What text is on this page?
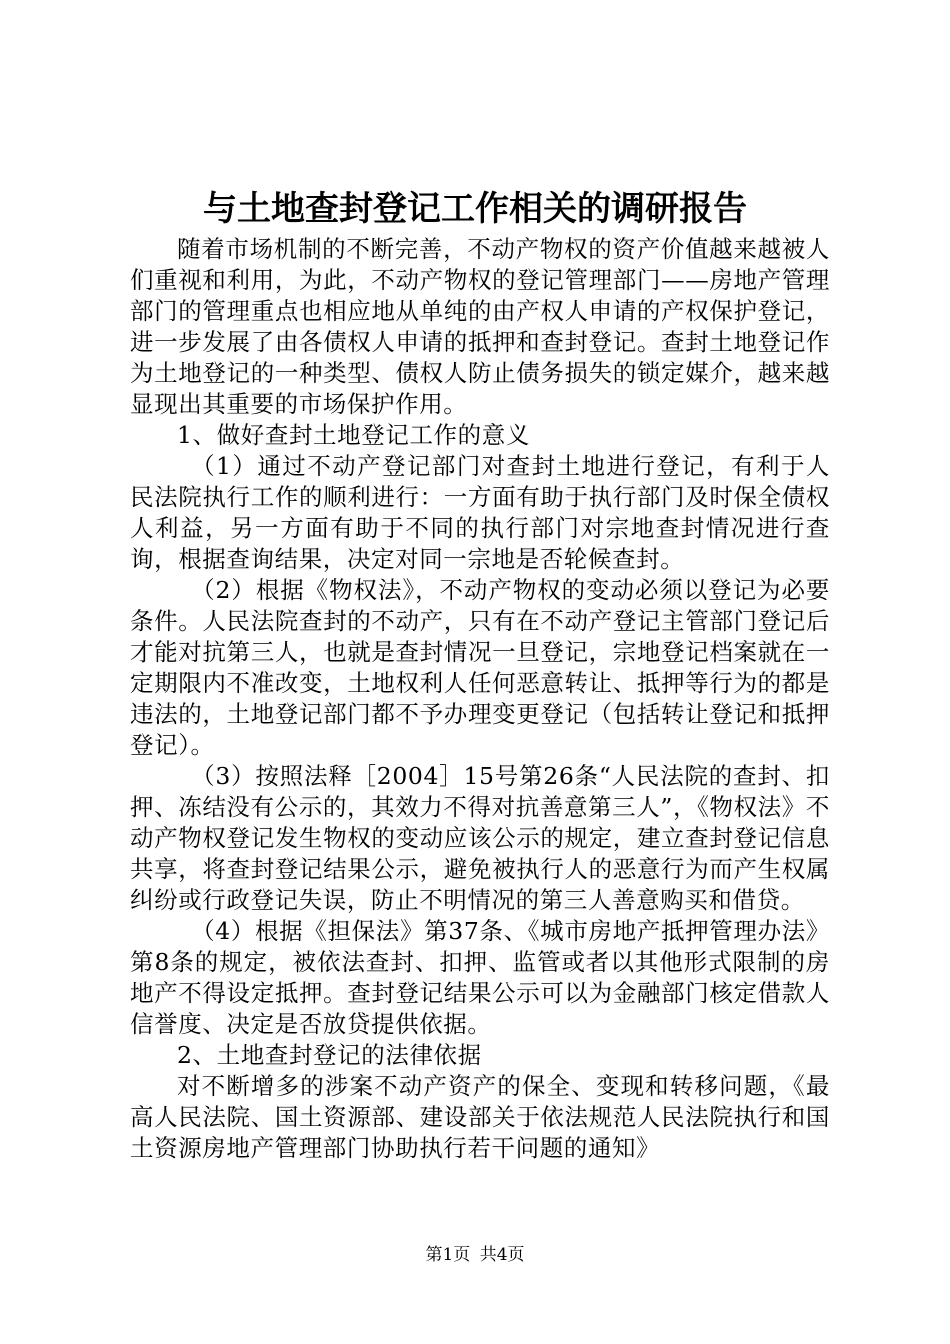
与土地查封登记工作相关的调研报告

随着市场机制的不断完善，不动产物权的资产价值越来越被人们重视和利用，为此，不动产物权的登记管理部门——房地产管理部门的管理重点也相应地从单纯的由产权人申请的产权保护登记，进一步发展了由各债权人申请的抵押和查封登记。查封土地登记作为土地登记的一种类型、债权人防止债务损失的锁定媒介，越来越显现出其重要的市场保护作用。

1、做好查封土地登记工作的意义

（1）通过不动产登记部门对查封土地进行登记，有利于人民法院执行工作的顺利进行：一方面有助于执行部门及时保全债权人利益，另一方面有助于不同的执行部门对宗地查封情况进行查询，根据查询结果，决定对同一宗地是否轮候查封。

（2）根据《物权法》，不动产物权的变动必须以登记为必要条件。人民法院查封的不动产，只有在不动产登记主管部门登记后才能对抗第三人，也就是查封情况一旦登记，宗地登记档案就在一定期限内不准改变，土地权利人任何恶意转让、抵押等行为的都是违法的，土地登记部门都不予办理变更登记（包括转让登记和抵押登记）。

（3）按照法释［2004］15号第26条“人民法院的查封、扣押、冻结没有公示的，其效力不得对抗善意第三人”，《物权法》不动产物权登记发生物权的变动应该公示的规定，建立查封登记信息共享，将查封登记结果公示，避免被执行人的恶意行为而产生权属纠纷或行政登记失误，防止不明情况的第三人善意购买和借贷。

（4）根据《担保法》第37条、《城市房地产抵押管理办法》第8条的规定，被依法查封、扣押、监管或者以其他形式限制的房地产不得设定抵押。查封登记结果公示可以为金融部门核定借款人信誉度、决定是否放贷提供依据。

2、土地查封登记的法律依据

对不断增多的涉案不动产资产的保全、变现和转移问题，《最高人民法院、国土资源部、建设部关于依法规范人民法院执行和国土资源房地产管理部门协助执行若干问题的通知》

第1页 共4页
